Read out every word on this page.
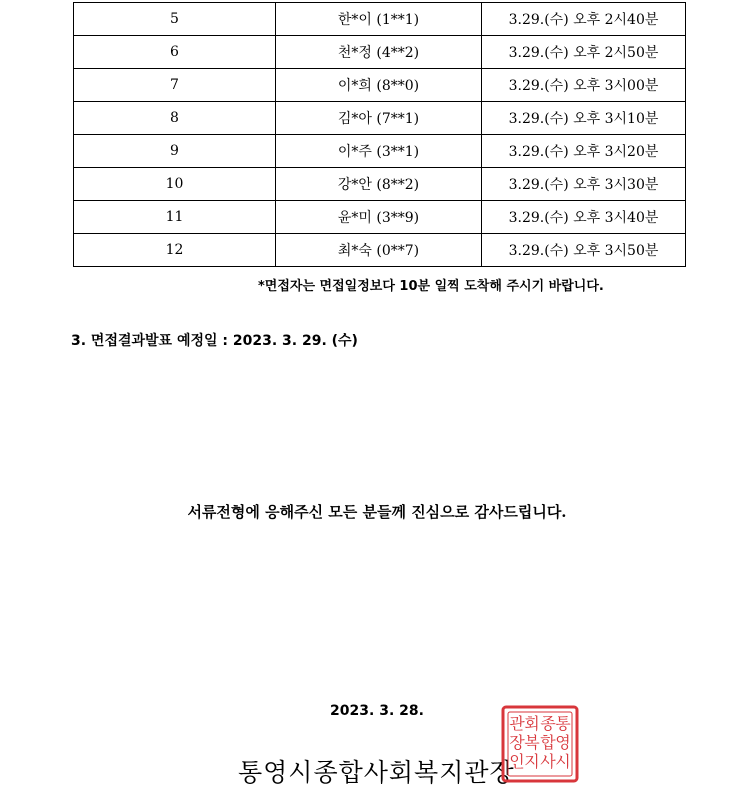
5	한*이 (1**1)	3.29.(수) 오후 2시40분
6	천*정 (4**2)	3.29.(수) 오후 2시50분
7	이*희 (8**0)	3.29.(수) 오후 3시00분
8	김*아 (7**1)	3.29.(수) 오후 3시10분
9	이*주 (3**1)	3.29.(수) 오후 3시20분
10	강*안 (8**2)	3.29.(수) 오후 3시30분
11	윤*미 (3**9)	3.29.(수) 오후 3시40분
12	최*숙 (0**7)	3.29.(수) 오후 3시50분
*면접자는 면접일정보다 10분 일찍 도착해 주시기 바랍니다.
3. 면접결과발표 예정일 : 2023. 3. 29. (수)
서류전형에 응해주신 모든 분들께 진심으로 감사드립니다.
2023. 3. 28.
통영시종합사회복지관장
통
영
시
종
합
사
회
복
지
관
장
인
